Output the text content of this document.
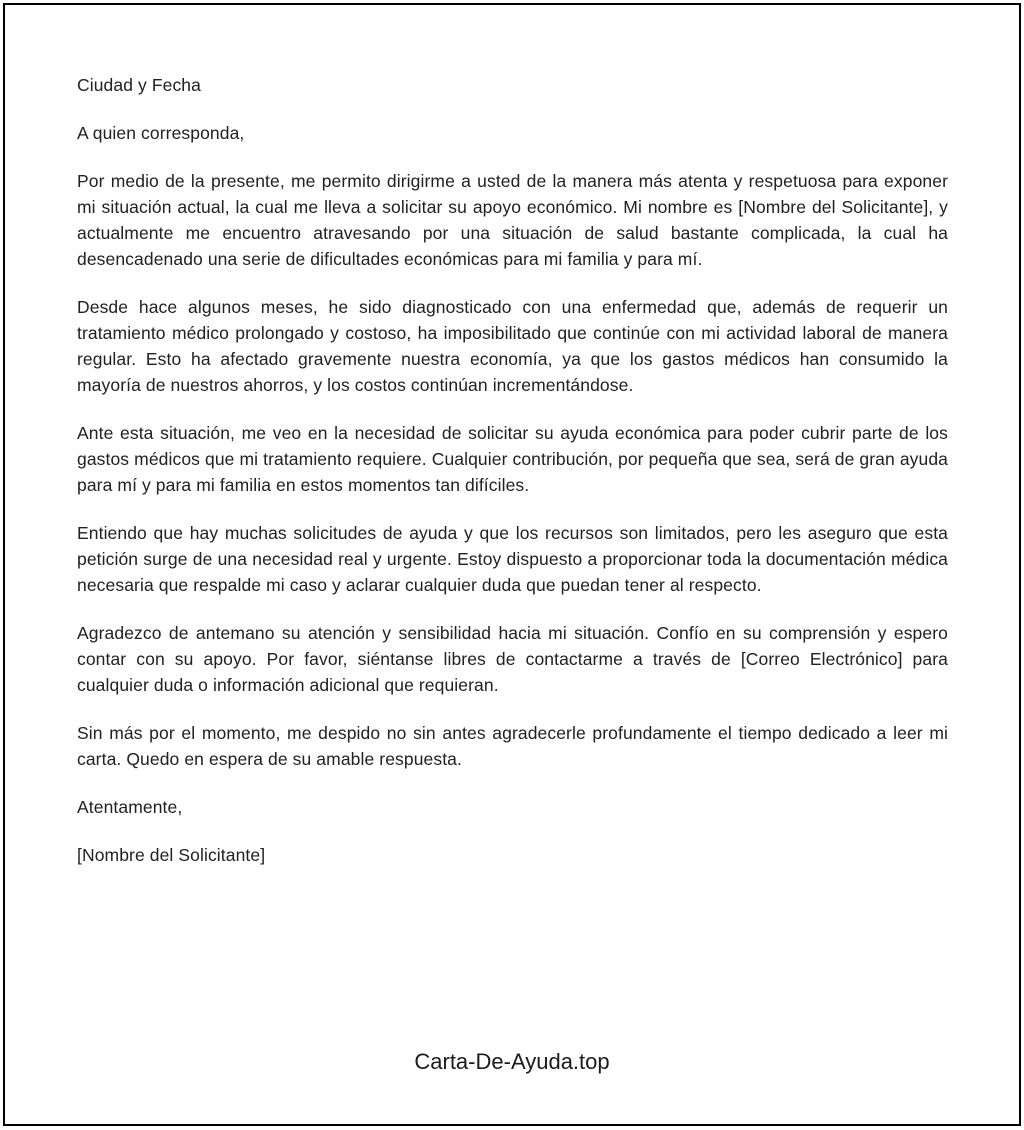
Ciudad y Fecha

A quien corresponda,

Por medio de la presente, me permito dirigirme a usted de la manera más atenta y respetuosa para exponer mi situación actual, la cual me lleva a solicitar su apoyo económico. Mi nombre es [Nombre del Solicitante], y actualmente me encuentro atravesando por una situación de salud bastante complicada, la cual ha desencadenado una serie de dificultades económicas para mi familia y para mí.

Desde hace algunos meses, he sido diagnosticado con una enfermedad que, además de requerir un tratamiento médico prolongado y costoso, ha imposibilitado que continúe con mi actividad laboral de manera regular. Esto ha afectado gravemente nuestra economía, ya que los gastos médicos han consumido la mayoría de nuestros ahorros, y los costos continúan incrementándose.

Ante esta situación, me veo en la necesidad de solicitar su ayuda económica para poder cubrir parte de los gastos médicos que mi tratamiento requiere. Cualquier contribución, por pequeña que sea, será de gran ayuda para mí y para mi familia en estos momentos tan difíciles.

Entiendo que hay muchas solicitudes de ayuda y que los recursos son limitados, pero les aseguro que esta petición surge de una necesidad real y urgente. Estoy dispuesto a proporcionar toda la documentación médica necesaria que respalde mi caso y aclarar cualquier duda que puedan tener al respecto.

Agradezco de antemano su atención y sensibilidad hacia mi situación. Confío en su comprensión y espero contar con su apoyo. Por favor, siéntanse libres de contactarme a través de [Correo Electrónico] para cualquier duda o información adicional que requieran.

Sin más por el momento, me despido no sin antes agradecerle profundamente el tiempo dedicado a leer mi carta. Quedo en espera de su amable respuesta.

Atentamente,

[Nombre del Solicitante]

Carta-De-Ayuda.top
